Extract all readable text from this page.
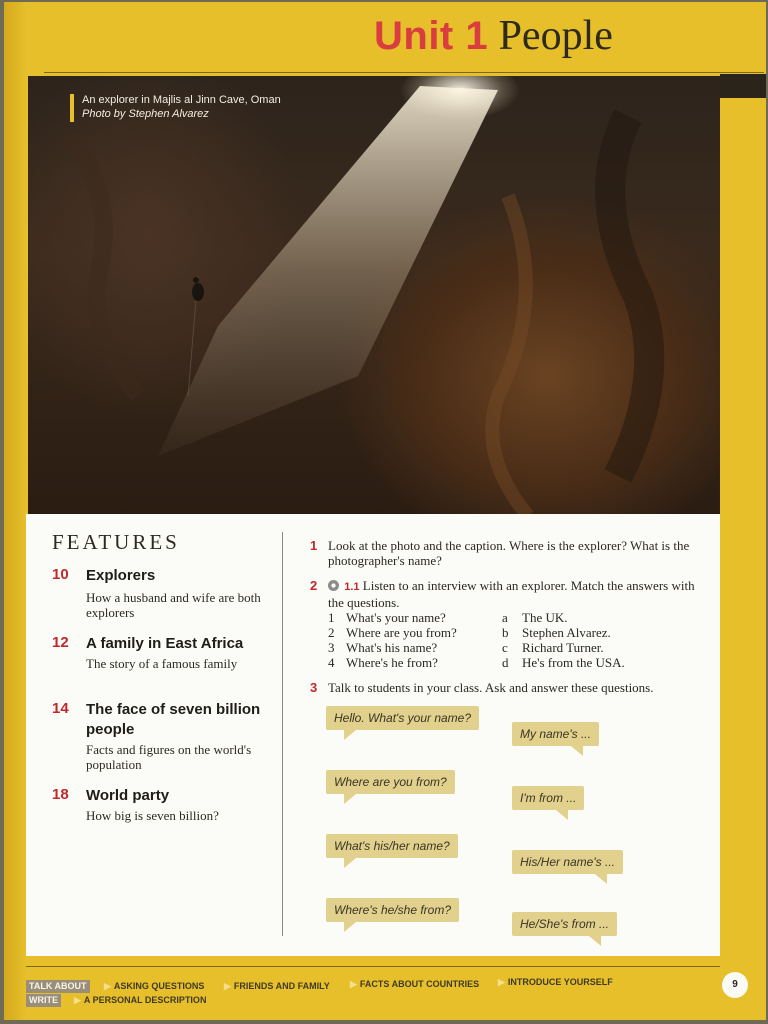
Unit 1 People
An explorer in Majlis al Jinn Cave, Oman
Photo by Stephen Alvarez
FEATURES
10	Explorers
How a husband and wife are both explorers
12	A family in East Africa
The story of a famous family
14	The face of seven billion people
Facts and figures on the world's population
18	World party
How big is seven billion?
1 Look at the photo and the caption. Where is the explorer? What is the photographer's name?
2	1.1 Listen to an interview with an explorer. Match the answers with the questions.
1 What's your name?	a The UK.
2 Where are you from?	b Stephen Alvarez.
3 What's his name?	c Richard Turner.
4 Where's he from?	d He's from the USA.
3 Talk to students in your class. Ask and answer these questions.
Hello. What's your name?
My name's ...
Where are you from?
I'm from ...
What's his/her name?
His/Her name's ...
Where's he/she from?
He/She's from ...
TALK ABOUT	▶ ASKING QUESTIONS ▶ FRIENDS AND FAMILY ▶ FACTS ABOUT COUNTRIES ▶ INTRODUCE YOURSELF
WRITE	▶ A PERSONAL DESCRIPTION
9
